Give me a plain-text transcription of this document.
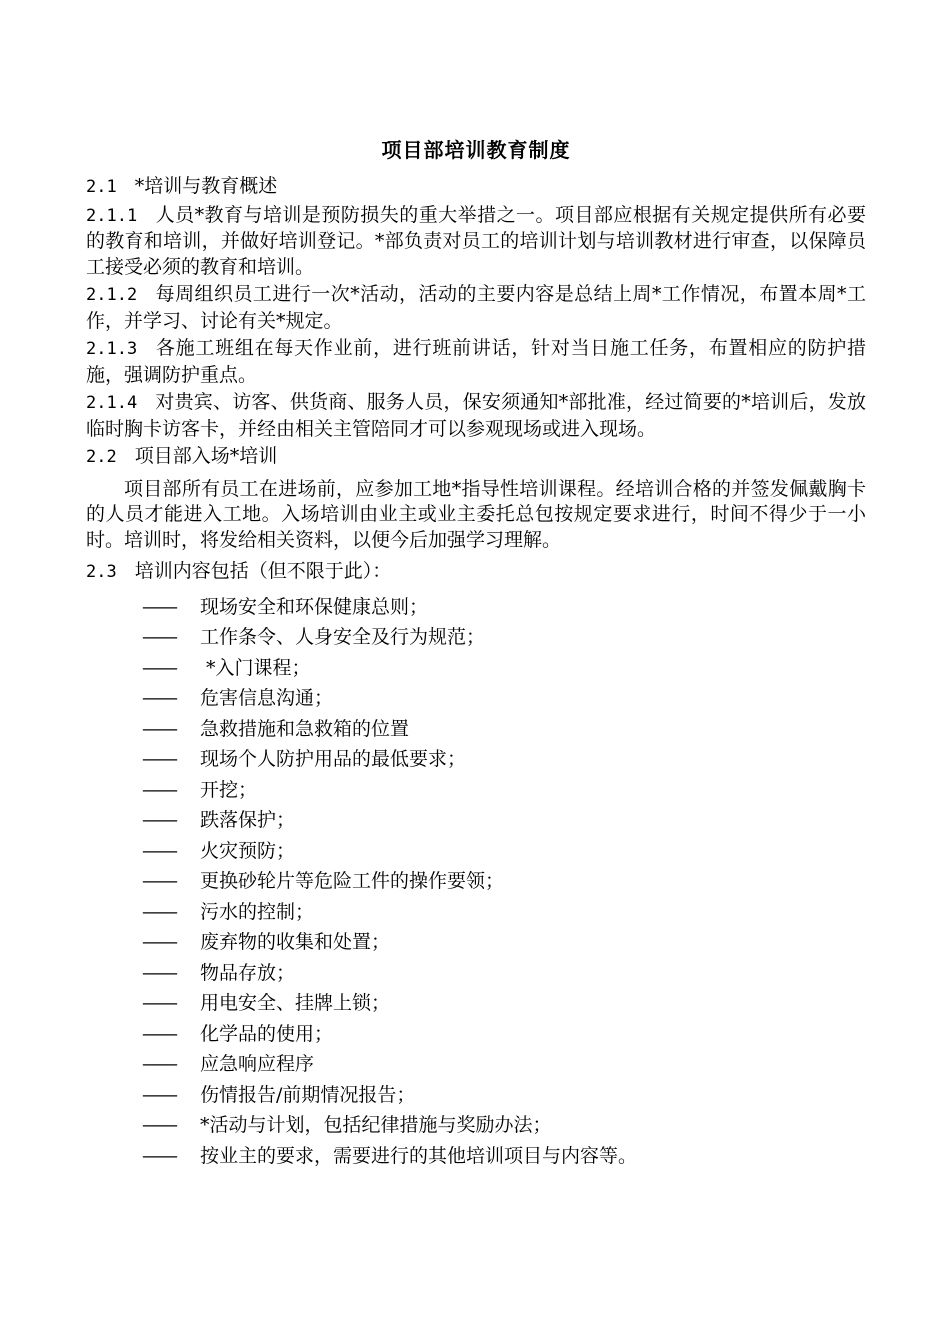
项目部培训教育制度

2.1 *培训与教育概述

2.1.1 人员*教育与培训是预防损失的重大举措之一。项目部应根据有关规定提供所有必要的教育和培训，并做好培训登记。*部负责对员工的培训计划与培训教材进行审查，以保障员工接受必须的教育和培训。

2.1.2 每周组织员工进行一次*活动，活动的主要内容是总结上周*工作情况，布置本周*工作，并学习、讨论有关*规定。

2.1.3 各施工班组在每天作业前，进行班前讲话，针对当日施工任务，布置相应的防护措施，强调防护重点。

2.1.4 对贵宾、访客、供货商、服务人员，保安须通知*部批准，经过简要的*培训后，发放临时胸卡访客卡，并经由相关主管陪同才可以参观现场或进入现场。

2.2 项目部入场*培训

项目部所有员工在进场前，应参加工地*指导性培训课程。经培训合格的并签发佩戴胸卡的人员才能进入工地。入场培训由业主或业主委托总包按规定要求进行，时间不得少于一小时。培训时，将发给相关资料，以便今后加强学习理解。

2.3 培训内容包括（但不限于此）：

—— 现场安全和环保健康总则；
—— 工作条令、人身安全及行为规范；
—— *入门课程；
—— 危害信息沟通；
—— 急救措施和急救箱的位置
—— 现场个人防护用品的最低要求；
—— 开挖；
—— 跌落保护；
—— 火灾预防；
—— 更换砂轮片等危险工件的操作要领；
—— 污水的控制；
—— 废弃物的收集和处置；
—— 物品存放；
—— 用电安全、挂牌上锁；
—— 化学品的使用；
—— 应急响应程序
—— 伤情报告/前期情况报告；
—— *活动与计划，包括纪律措施与奖励办法；
—— 按业主的要求，需要进行的其他培训项目与内容等。
